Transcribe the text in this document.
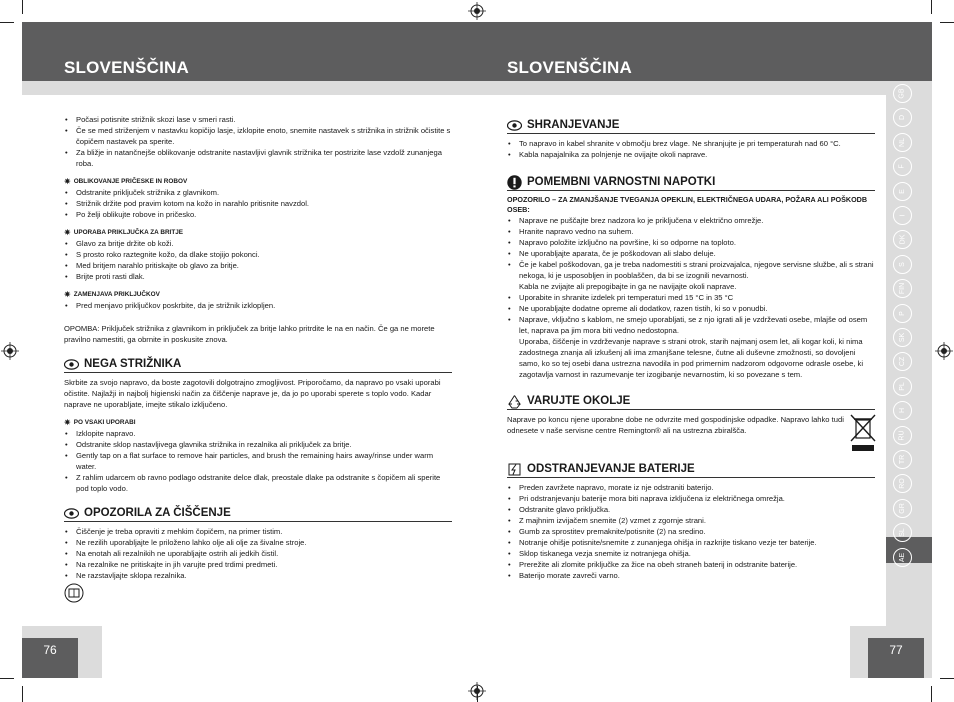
SLOVENŠČINA	SLOVENŠČINA
GB
D
NL
F
E
I
DK
S
FIN
P
SK
CZ
PL
H
RU
TR
RO
GR
SL
AE
76	77
• Počasi potisnite strižnik skozi lase v smeri rasti.
• Če se med striženjem v nastavku kopičijo lasje, izklopite enoto, snemite nastavek s strižnika in strižnik očistite s čopičem nastavek pa sperite.
• Za bližje in natančnejše oblikovanje odstranite nastavljivi glavnik strižnika ter postrizite lase vzdolž zunanjega roba.
✷ OBLIKOVANJE PRIČESKE IN ROBOV
• Odstranite priključek strižnika z glavnikom.
• Strižnik držite pod pravim kotom na kožo in narahlo pritisnite navzdol.
• Po želji oblikujte robove in pričesko.
✷ UPORABA PRIKLJUČKA ZA BRITJE
• Glavo za britje držite ob koži.
• S prosto roko raztegnite kožo, da dlake stojijo pokonci.
• Med britjem narahlo pritiskajte ob glavo za britje.
• Brijte proti rasti dlak.
✷ ZAMENJAVA PRIKLJUČKOV
• Pred menjavo priključkov poskrbite, da je strižnik izklopljen.

OPOMBA: Priključek strižnika z glavnikom in priključek za britje lahko pritrdite le na en način. Če ga ne morete pravilno namestiti, ga obrnite in poskusite znova.

NEGA STRIŽNIKA

Skrbite za svojo napravo, da boste zagotovili dolgotrajno zmogljivost. Priporočamo, da napravo po vsaki uporabi očistite. Najlažji in najbolj higienski način za čiščenje naprave je, da jo po uporabi sperete s toplo vodo. Kadar naprave ne uporabljate, imejte stikalo izključeno.

✷ PO VSAKI UPORABI
• Izklopite napravo.
• Odstranite sklop nastavljivega glavnika strižnika in rezalnika ali priključek za britje.
• Gently tap on a flat surface to remove hair particles, and brush the remaining hairs away/rinse under warm water.
• Z rahlim udarcem ob ravno podlago odstranite delce dlak, preostale dlake pa odstranite s čopičem ali sperite pod toplo vodo.
OPOZORILA ZA ČIŠČENJE
• Čiščenje je treba opraviti z mehkim čopičem, na primer tistim.
• Ne rezilih uporabljajte le priloženo lahko olje ali olje za šivalne stroje.
• Na enotah ali rezalnikih ne uporabljajte ostrih ali jedkih čistil.
• Na rezalnike ne pritiskajte in jih varujte pred trdimi predmeti.
• Ne razstavljajte sklopa rezalnika.
SHRANJEVANJE
• To napravo in kabel shranite v območju brez vlage. Ne shranjujte je pri temperaturah nad 60 °C.
• Kabla napajalnika za polnjenje ne ovijajte okoli naprave.
POMEMBNI VARNOSTNI NAPOTKI
OPOZORILO – ZA ZMANJŠANJE TVEGANJA OPEKLIN, ELEKTRIČNEGA UDARA, POŽARA ALI POŠKODB OSEB:
• Naprave ne puščajte brez nadzora ko je priključena v električno omrežje.
• Hranite napravo vedno na suhem.
• Napravo položite izključno na površine, ki so odporne na toploto.
• Ne uporabljajte aparata, če je poškodovan ali slabo deluje.
• Če je kabel poškodovan, ga je treba nadomestiti s strani proizvajalca, njegove servisne službe, ali s strani nekoga, ki je usposobljen in pooblaščen, da bi se izognili nevarnosti.
Kabla ne zvijajte ali prepogibajte in ga ne navijajte okoli naprave.
• Uporabite in shranite izdelek pri temperaturi med 15 °C in 35 °C
• Ne uporabljajte dodatne opreme ali dodatkov, razen tistih, ki so v ponudbi.
• Naprave, vključno s kablom, ne smejo uporabljati, se z njo igrati ali je vzdrževati osebe, mlajše od osem let, naprava pa jim mora biti vedno nedostopna.
Uporaba, čiščenje in vzdrževanje naprave s strani otrok, starih najmanj osem let, ali kogar koli, ki nima zadostnega znanja ali izkušenj ali ima zmanjšane telesne, čutne ali duševne zmožnosti, so dovoljeni samo, ko so tej osebi dana ustrezna navodila in pod primernim nadzorom odgovorne odrasle osebe, ki zagotavlja varnost in razumevanje ter izogibanje nevarnostim, ki so povezane s tem.
VARUJTE OKOLJE

Naprave po koncu njene uporabne dobe ne odvrzite med gospodinjske odpadke. Napravo lahko tudi odnesete v naše servisne centre Remington® ali na ustrezna zbiralšča.

ODSTRANJEVANJE BATERIJE
• Preden zavržete napravo, morate iz nje odstraniti baterijo.
• Pri odstranjevanju baterije mora biti naprava izključena iz električnega omrežja.
• Odstranite glavo priključka.
• Z majhnim izvijačem snemite (2) vzmet z zgornje strani.
• Gumb za sprostitev premaknite/potisnite (2) na sredino.
• Notranje ohišje potisnite/snemite z zunanjega ohišja in razkrijte tiskano vezje ter baterije.
• Sklop tiskanega vezja snemite iz notranjega ohišja.
• Prerežite ali zlomite priključke za žice na obeh straneh baterij in odstranite baterije.
• Baterijo morate zavreči varno.
